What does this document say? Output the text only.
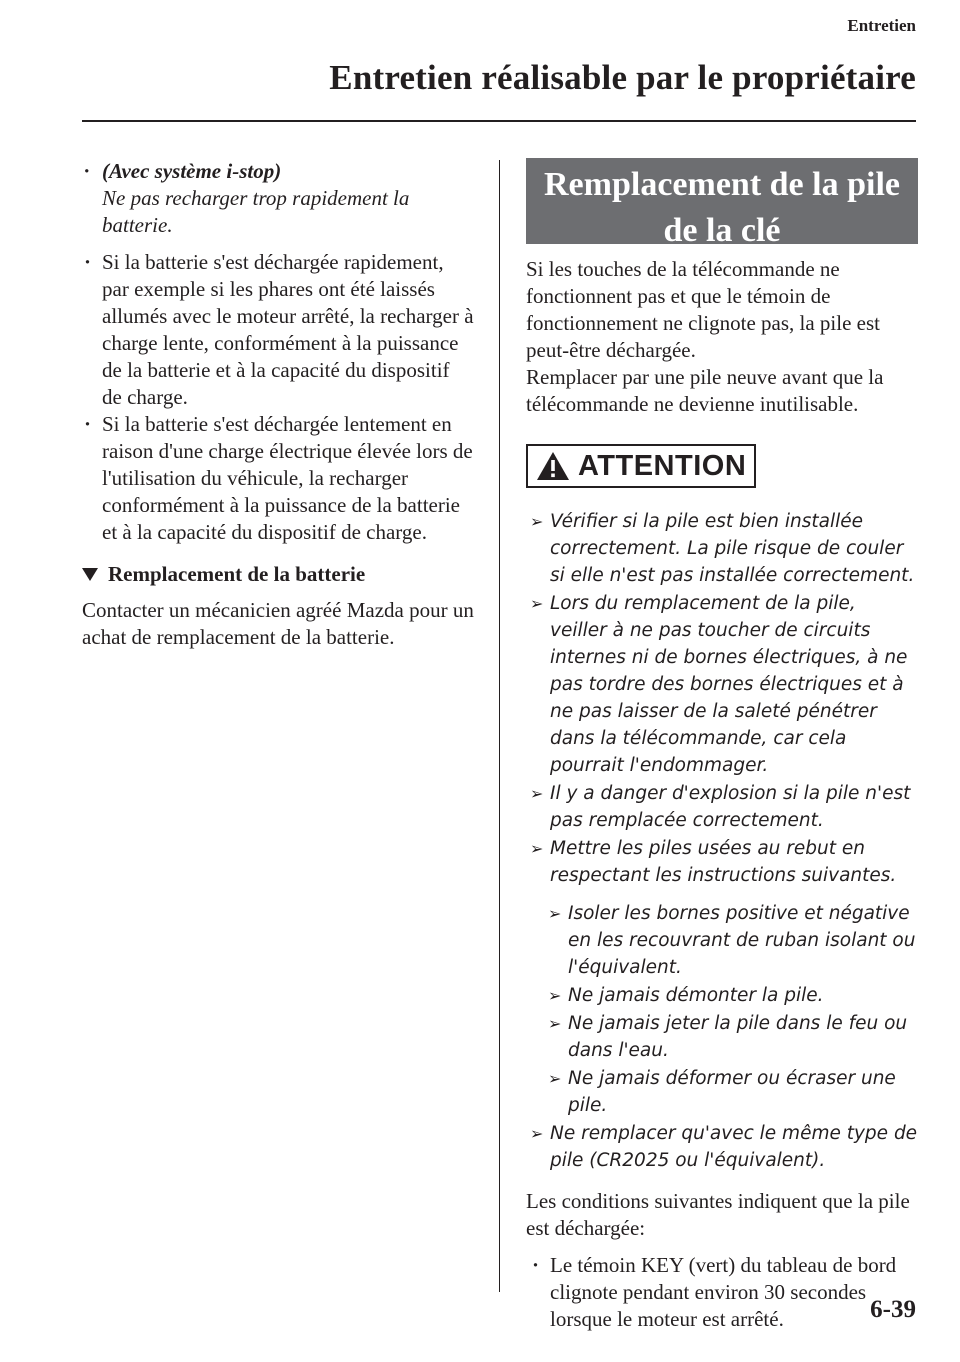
Entretien
Entretien réalisable par le propriétaire
· (Avec système i-stop)
Ne pas recharger trop rapidement la batterie.
· Si la batterie s'est déchargée rapidement, par exemple si les phares ont été laissés allumés avec le moteur arrêté, la recharger à charge lente, conformément à la puissance de la batterie et à la capacité du dispositif de charge.
· Si la batterie s'est déchargée lentement en raison d'une charge électrique élevée lors de l'utilisation du véhicule, la recharger conformément à la puissance de la batterie et à la capacité du dispositif de charge.
Remplacement de la batterie

Contacter un mécanicien agréé Mazda pour un achat de remplacement de la batterie.

Remplacement de la pile
de la clé

Si les touches de la télécommande ne fonctionnent pas et que le témoin de fonctionnement ne clignote pas, la pile est peut-être déchargée.

Remplacer par une pile neuve avant que la télécommande ne devienne inutilisable.

ATTENTION
➢ Vérifier si la pile est bien installée correctement. La pile risque de couler si elle n'est pas installée correctement.
➢ Lors du remplacement de la pile, veiller à ne pas toucher de circuits internes ni de bornes électriques, à ne pas tordre des bornes électriques et à ne pas laisser de la saleté pénétrer dans la télécommande, car cela pourrait l'endommager.
➢ Il y a danger d'explosion si la pile n'est pas remplacée correctement.
➢ Mettre les piles usées au rebut en respectant les instructions suivantes.
➢ Isoler les bornes positive et négative en les recouvrant de ruban isolant ou l'équivalent.
➢ Ne jamais démonter la pile.
➢ Ne jamais jeter la pile dans le feu ou dans l'eau.
➢ Ne jamais déformer ou écraser une pile.
➢ Ne remplacer qu'avec le même type de pile (CR2025 ou l'équivalent).

Les conditions suivantes indiquent que la pile est déchargée:

· Le témoin KEY (vert) du tableau de bord clignote pendant environ 30 secondes lorsque le moteur est arrêté.	6-39
